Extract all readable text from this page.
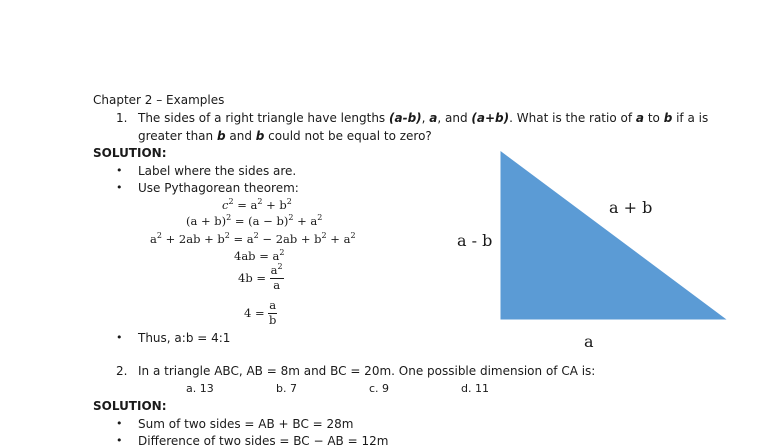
Chapter 2 – Examples
1. The sides of a right triangle have lengths (a-b), a, and (a+b). What is the ratio of a to b if a is
greater than b and b could not be equal to zero?
SOLUTION:
• Label where the sides are.
• Use Pythagorean theorem:
$c^2 = a^2 + b^2$
$(a + b)^2 = (a - b)^2 + a^2$
$a^2 + 2ab + b^2 = a^2 - 2ab + b^2 + a^2$
$4ab = a^2$
$4b = \frac{a^2}{a}$
$4 = \frac{a}{b}$
• Thus, a:b = 4:1
a - b
a + b
a
2. In a triangle ABC, AB = 8m and BC = 20m. One possible dimension of CA is:
a. 13	b. 7	c. 9	d. 11
SOLUTION:
• Sum of two sides = AB + BC = 28m
• Difference of two sides = BC − AB = 12m
